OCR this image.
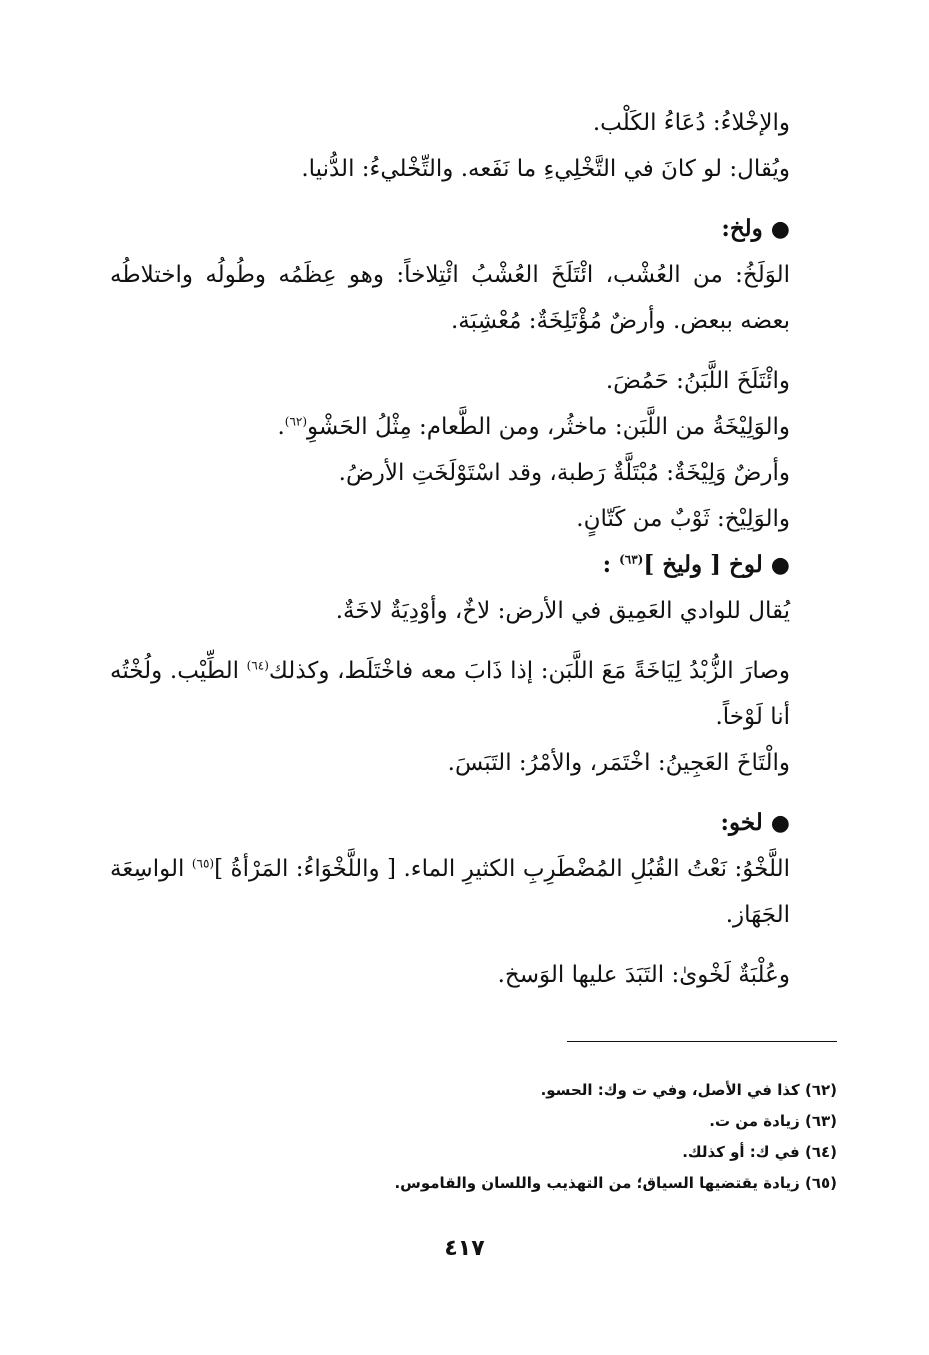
والإخْلاءُ: دُعَاءُ الكَلْب.

ويُقال: لو كانَ في التَّخْلِيءِ ما نَفَعه. والتِّخْليءُ: الدُّنيا.

● ولخ:

الوَلَخُ: من العُشْب، ائْتَلَخَ العُشْبُ ائْتِلاخاً: وهو عِظَمُه وطُولُه واختلاطُه بعضه ببعض. وأرضٌ مُؤْتَلِخَةٌ: مُعْشِبَة.

وائْتَلَخَ اللَّبَنُ: حَمُضَ.

والوَلِيْخَةُ من اللَّبَن: ماخثُر، ومن الطَّعام: مِثْلُ الحَشْوِ$^{(٦٢)}$.

وأرضٌ وَلِيْخَةٌ: مُبْتَلَّةٌ رَطبة، وقد اسْتَوْلَخَتِ الأرضُ.

والوَلِيْخ: ثَوْبٌ من كَتّانٍ.

● لوخ [ وليخ ]$^{(٦٣)}$ :

يُقال للوادي العَمِيق في الأرض: لاخٌ، وأوْدِيَةٌ لاخَةٌ.

وصارَ الزُّبْدُ لِيَاخَةً مَعَ اللَّبَن: إذا ذَابَ معه فاخْتَلَط، وكذلك$^{(٦٤)}$ الطِّيْب. ولُخْتُه أنا لَوْخاً.

والْتَاخَ العَجِينُ: اخْتَمَر، والأمْرُ: التَبَسَ.

● لخو:

اللَّخْوُ: نَعْتُ القُبُلِ المُضْطَرِبِ الكثيرِ الماء. [ واللَّخْوَاءُ: المَرْأةُ ]$^{(٦٥)}$ الواسِعَة الجَهَاز.

وعُلْبَةٌ لَخْوىٰ: التَبَدَ عليها الوَسخ.

(٦٢) كذا في الأصل، وفي ت وك: الحسو.

(٦٣) زيادة من ت.

(٦٤) في ك: أو كذلك.

(٦٥) زيادة يقتضيها السياق؛ من التهذيب واللسان والقاموس.

٤١٧
